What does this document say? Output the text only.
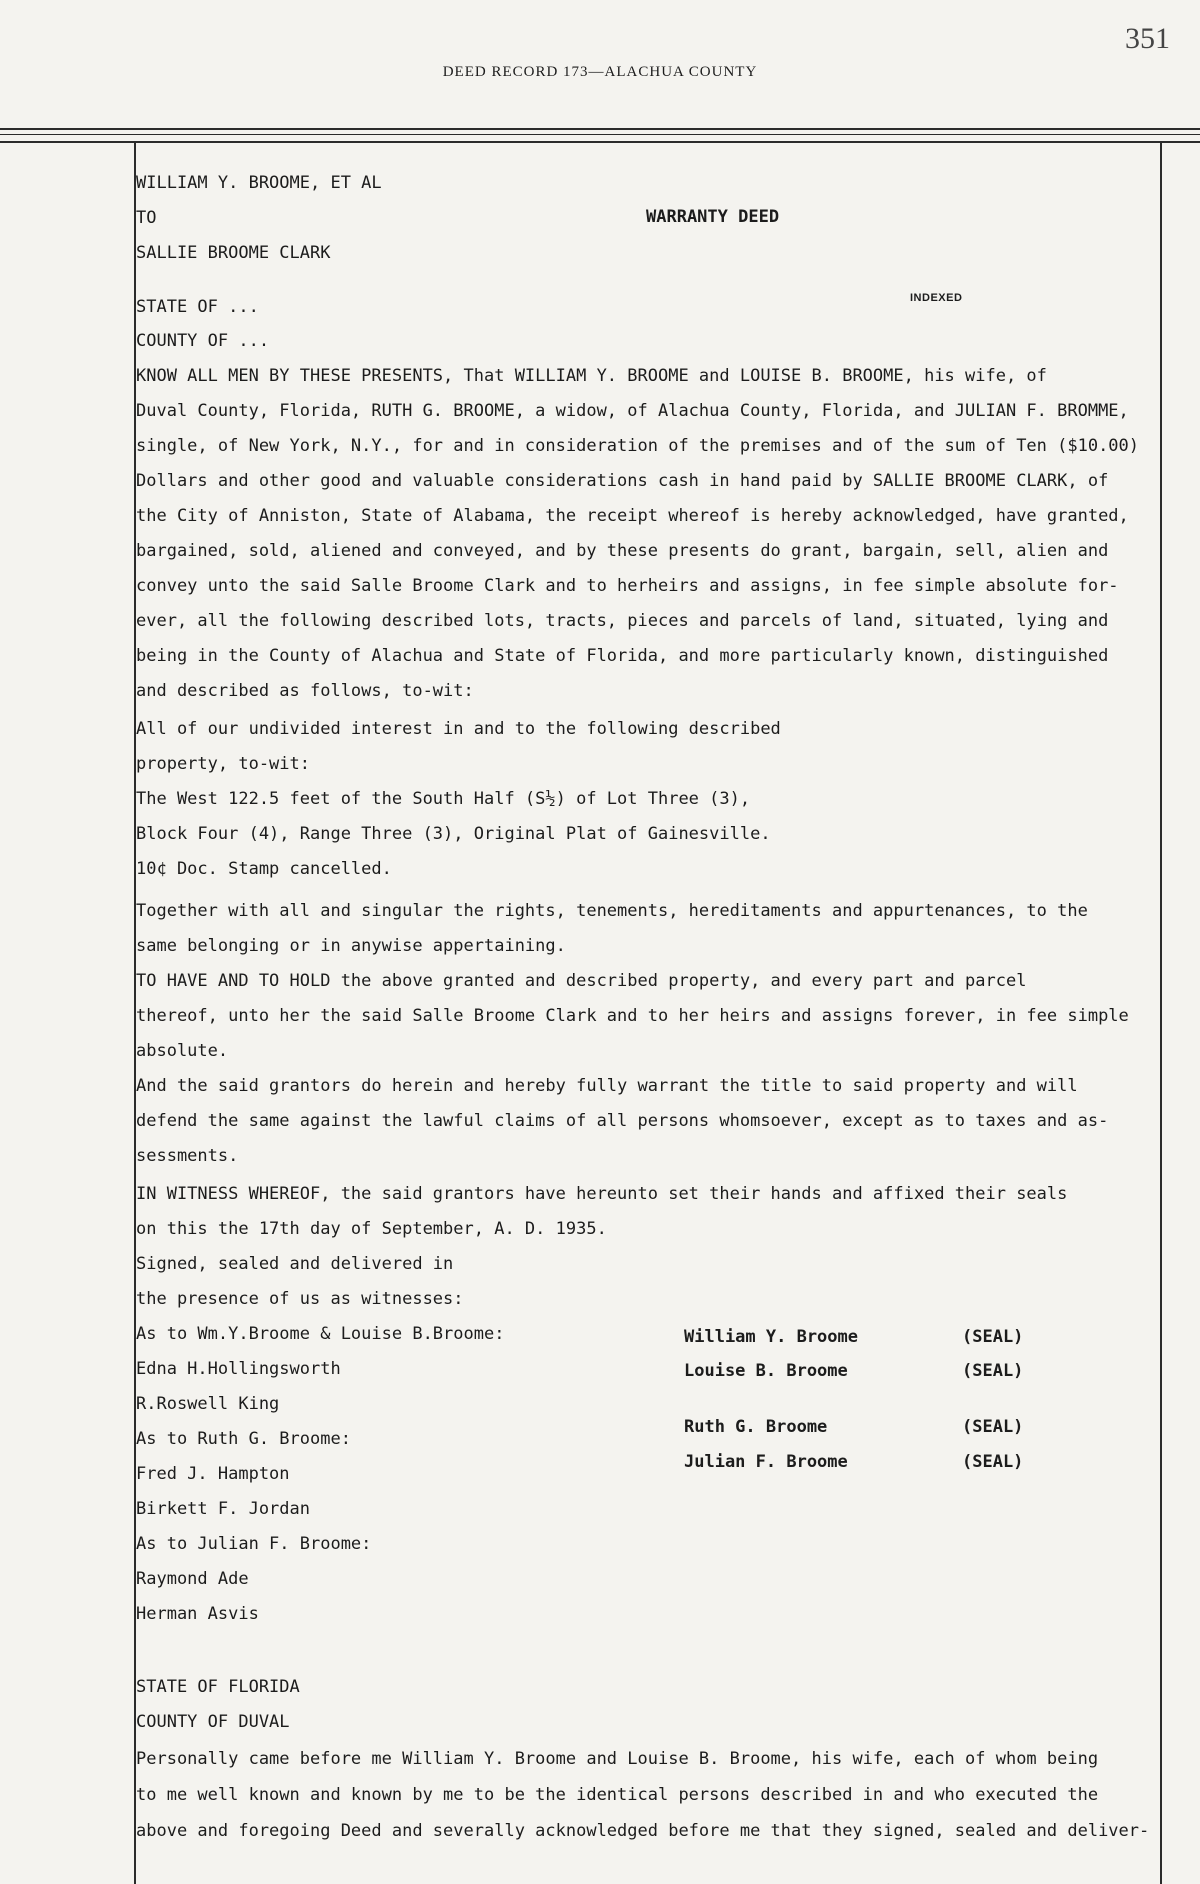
351
DEED RECORD 173—ALACHUA COUNTY
WILLIAM Y. BROOME, ET AL
TO	WARRANTY DEED
SALLIE BROOME CLARK
STATE OF ...	INDEXED
COUNTY OF ...
KNOW ALL MEN BY THESE PRESENTS, That WILLIAM Y. BROOME and LOUISE B. BROOME, his wife, of
Duval County, Florida, RUTH G. BROOME, a widow, of Alachua County, Florida, and JULIAN F. BROMME,
single, of New York, N.Y., for and in consideration of the premises and of the sum of Ten ($10.00)
Dollars and other good and valuable considerations cash in hand paid by SALLIE BROOME CLARK, of
the City of Anniston, State of Alabama, the receipt whereof is hereby acknowledged, have granted,
bargained, sold, aliened and conveyed, and by these presents do grant, bargain, sell, alien and
convey unto the said Salle Broome Clark and to herheirs and assigns, in fee simple absolute for-
ever, all the following described lots, tracts, pieces and parcels of land, situated, lying and
being in the County of Alachua and State of Florida, and more particularly known, distinguished
and described as follows, to-wit:
All of our undivided interest in and to the following described
property, to-wit:
The West 122.5 feet of the South Half (S½) of Lot Three (3),
Block Four (4), Range Three (3), Original Plat of Gainesville.
10¢ Doc. Stamp cancelled.
Together with all and singular the rights, tenements, hereditaments and appurtenances, to the
same belonging or in anywise appertaining.
TO HAVE AND TO HOLD the above granted and described property, and every part and parcel
thereof, unto her the said Salle Broome Clark and to her heirs and assigns forever, in fee simple
absolute.
And the said grantors do herein and hereby fully warrant the title to said property and will
defend the same against the lawful claims of all persons whomsoever, except as to taxes and as-
sessments.
IN WITNESS WHEREOF, the said grantors have hereunto set their hands and affixed their seals
on this the 17th day of September, A. D. 1935.
Signed, sealed and delivered in
the presence of us as witnesses:
As to Wm.Y.Broome & Louise B.Broome:
Edna H.Hollingsworth
R.Roswell King
As to Ruth G. Broome:
Fred J. Hampton
Birkett F. Jordan
As to Julian F. Broome:
Raymond Ade
Herman Asvis
William Y. Broome	(SEAL)
Louise B. Broome	(SEAL)
Ruth G. Broome	(SEAL)
Julian F. Broome	(SEAL)
STATE OF FLORIDA
COUNTY OF DUVAL
Personally came before me William Y. Broome and Louise B. Broome, his wife, each of whom being
to me well known and known by me to be the identical persons described in and who executed the
above and foregoing Deed and severally acknowledged before me that they signed, sealed and deliver-
